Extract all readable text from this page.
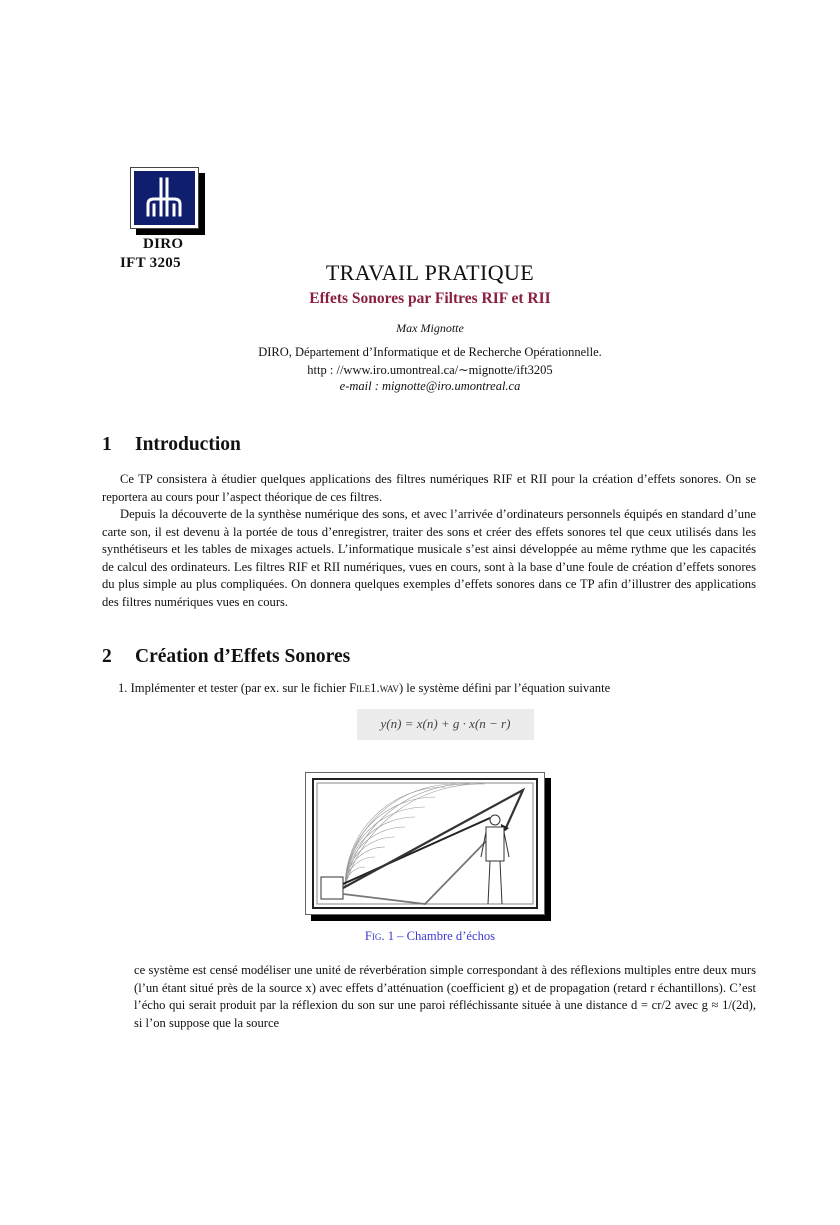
DIRO
IFT 3205	TRAVAIL PRATIQUE
Effets Sonores par Filtres RIF et RII
Max Mignotte
DIRO, Département d’Informatique et de Recherche Opérationnelle.
http : //www.iro.umontreal.ca/∼mignotte/ift3205
e-mail : mignotte@iro.umontreal.ca
1 Introduction
Ce TP consistera à étudier quelques applications des filtres numériques RIF et RII pour la création d’effets sonores. On se reportera au cours pour l’aspect théorique de ces filtres.
Depuis la découverte de la synthèse numérique des sons, et avec l’arrivée d’ordinateurs personnels équipés en standard d’une carte son, il est devenu à la portée de tous d’enregistrer, traiter des sons et créer des effets sonores tel que ceux utilisés dans les synthétiseurs et les tables de mixages actuels. L’informatique musicale s’est ainsi développée au même rythme que les capacités de calcul des ordinateurs. Les filtres RIF et RII numériques, vues en cours, sont à la base d’une foule de création d’effets sonores du plus simple au plus compliquées. On donnera quelques exemples d’effets sonores dans ce TP afin d’illustrer des applications des filtres numériques vues en cours.
2 Création d’Effets Sonores
1. Implémenter et tester (par ex. sur le fichier File1.wav) le système défini par l’équation suivante
y(n) = x(n) + g · x(n − r)
Fig. 1 – Chambre d’échos
ce système est censé modéliser une unité de réverbération simple correspondant à des réflexions multiples entre deux murs (l’un étant situé près de la source x) avec effets d’atténuation (coefficient g) et de propagation (retard r échantillons). C’est l’écho qui serait produit par la réflexion du son sur une paroi réfléchissante située à une distance d = cr/2 avec g ≈ 1/(2d), si l’on suppose que la source
